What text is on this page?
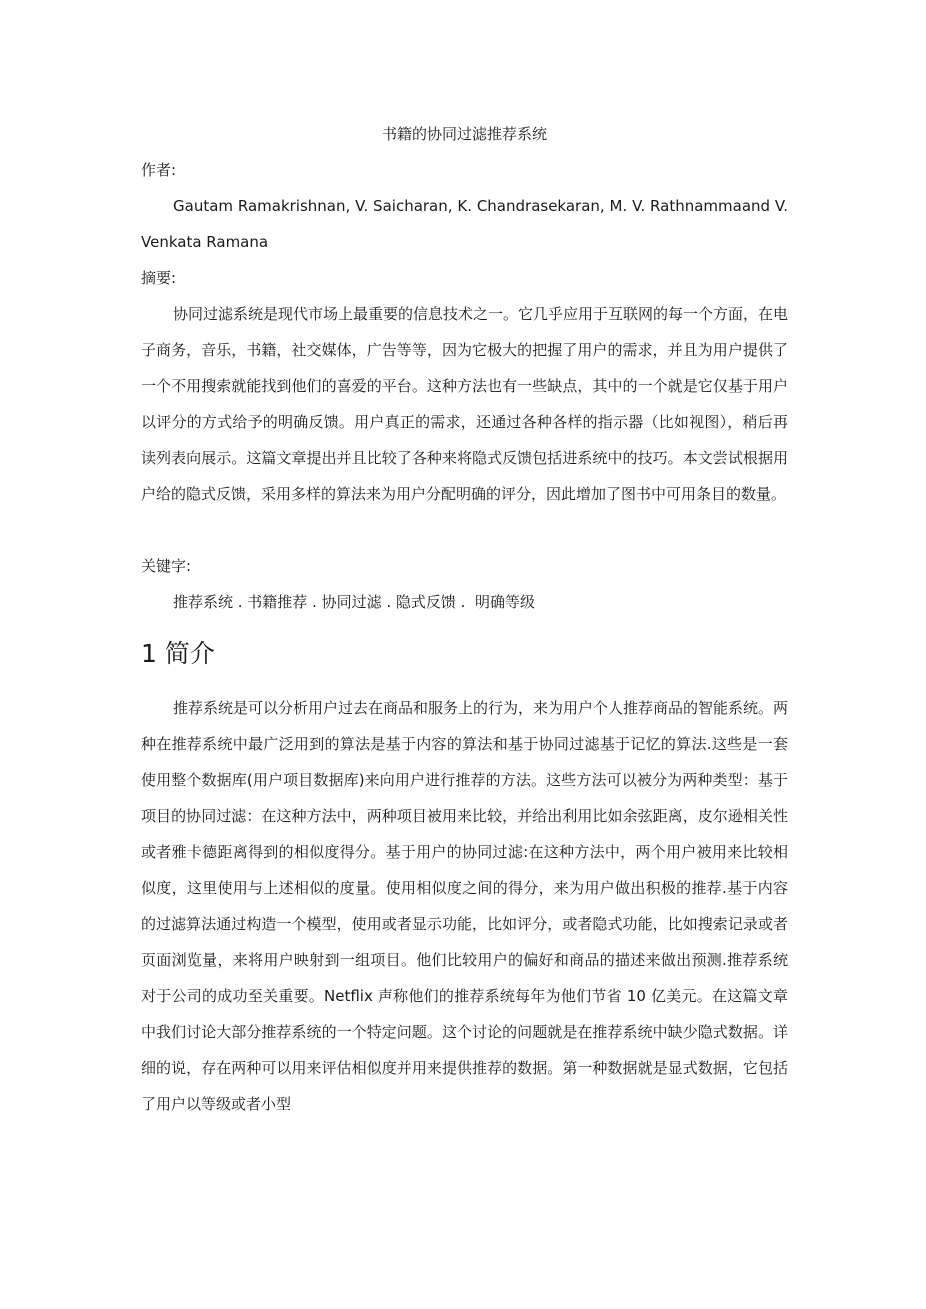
书籍的协同过滤推荐系统

作者:

Gautam Ramakrishnan, V. Saicharan, K. Chandrasekaran, M. V. Rathnammaand V. Venkata Ramana

摘要:

协同过滤系统是现代市场上最重要的信息技术之一。它几乎应用于互联网的每一个方面，在电子商务，音乐，书籍，社交媒体，广告等等，因为它极大的把握了用户的需求，并且为用户提供了一个不用搜索就能找到他们的喜爱的平台。这种方法也有一些缺点，其中的一个就是它仅基于用户以评分的方式给予的明确反馈。用户真正的需求，还通过各种各样的指示器（比如视图），稍后再读列表向展示。这篇文章提出并且比较了各种来将隐式反馈包括进系统中的技巧。本文尝试根据用户给的隐式反馈，采用多样的算法来为用户分配明确的评分，因此增加了图书中可用条目的数量。

关键字:

推荐系统 . 书籍推荐 . 协同过滤 . 隐式反馈 .  明确等级

1 简介

推荐系统是可以分析用户过去在商品和服务上的行为，来为用户个人推荐商品的智能系统。两种在推荐系统中最广泛用到的算法是基于内容的算法和基于协同过滤基于记忆的算法.这些是一套使用整个数据库(用户项目数据库)来向用户进行推荐的方法。这些方法可以被分为两种类型：基于项目的协同过滤：在这种方法中，两种项目被用来比较，并给出利用比如余弦距离，皮尔逊相关性或者雅卡德距离得到的相似度得分。基于用户的协同过滤:在这种方法中，两个用户被用来比较相似度，这里使用与上述相似的度量。使用相似度之间的得分，来为用户做出积极的推荐.基于内容的过滤算法通过构造一个模型，使用或者显示功能，比如评分，或者隐式功能，比如搜索记录或者页面浏览量，来将用户映射到一组项目。他们比较用户的偏好和商品的描述来做出预测.推荐系统对于公司的成功至关重要。Netflix 声称他们的推荐系统每年为他们节省 10 亿美元。在这篇文章中我们讨论大部分推荐系统的一个特定问题。这个讨论的问题就是在推荐系统中缺少隐式数据。详细的说，存在两种可以用来评估相似度并用来提供推荐的数据。第一种数据就是显式数据，它包括了用户以等级或者小型
